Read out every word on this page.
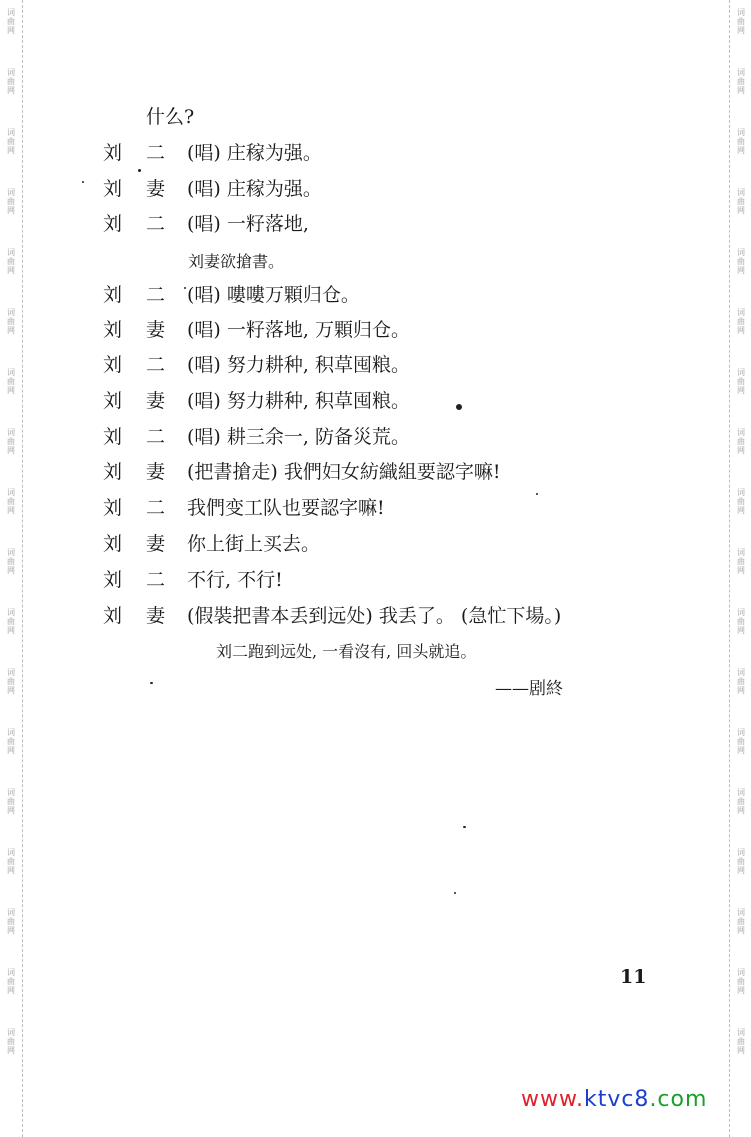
词
曲
网
词
曲
网
词
曲
网
词
曲
网
词
曲
网
词
曲
网
词
曲
网
词
曲
网
词
曲
网
词
曲
网
词
曲
网
词
曲
网
词
曲
网
词
曲
网
词
曲
网
词
曲
网
词
曲
网
词
曲
网
词
曲
网
词
曲
网
词
曲
网
词
曲
网
词
曲
网
词
曲
网
词
曲
网
词
曲
网
词
曲
网
词
曲
网
词
曲
网
词
曲
网
词
曲
网
词
曲
网
词
曲
网
词
曲
网
词
曲
网
词
曲
网
什么?
刘 二 (唱) 庄稼为强。
刘 妻 (唱) 庄稼为强。
刘 二 (唱) 一籽落地,
刘妻欲搶書。
刘 二 (唱) 嘍嘍万顆归仓。
刘 妻 (唱) 一籽落地, 万顆归仓。
刘 二 (唱) 努力耕种, 积草囤粮。
刘 妻 (唱) 努力耕种, 积草囤粮。
刘 二 (唱) 耕三余一, 防备災荒。
刘 妻 (把書搶走) 我們妇女紡織組要認字嘛!
刘 二 我們变工队也要認字嘛!
刘 妻 你上街上买去。
刘 二 不行, 不行!
刘 妻 (假裝把書本丢到远处) 我丢了。 (急忙下場。)
刘二跑到远处, 一看沒有, 回头就追。
——剧終
11
www.ktvc8.com
